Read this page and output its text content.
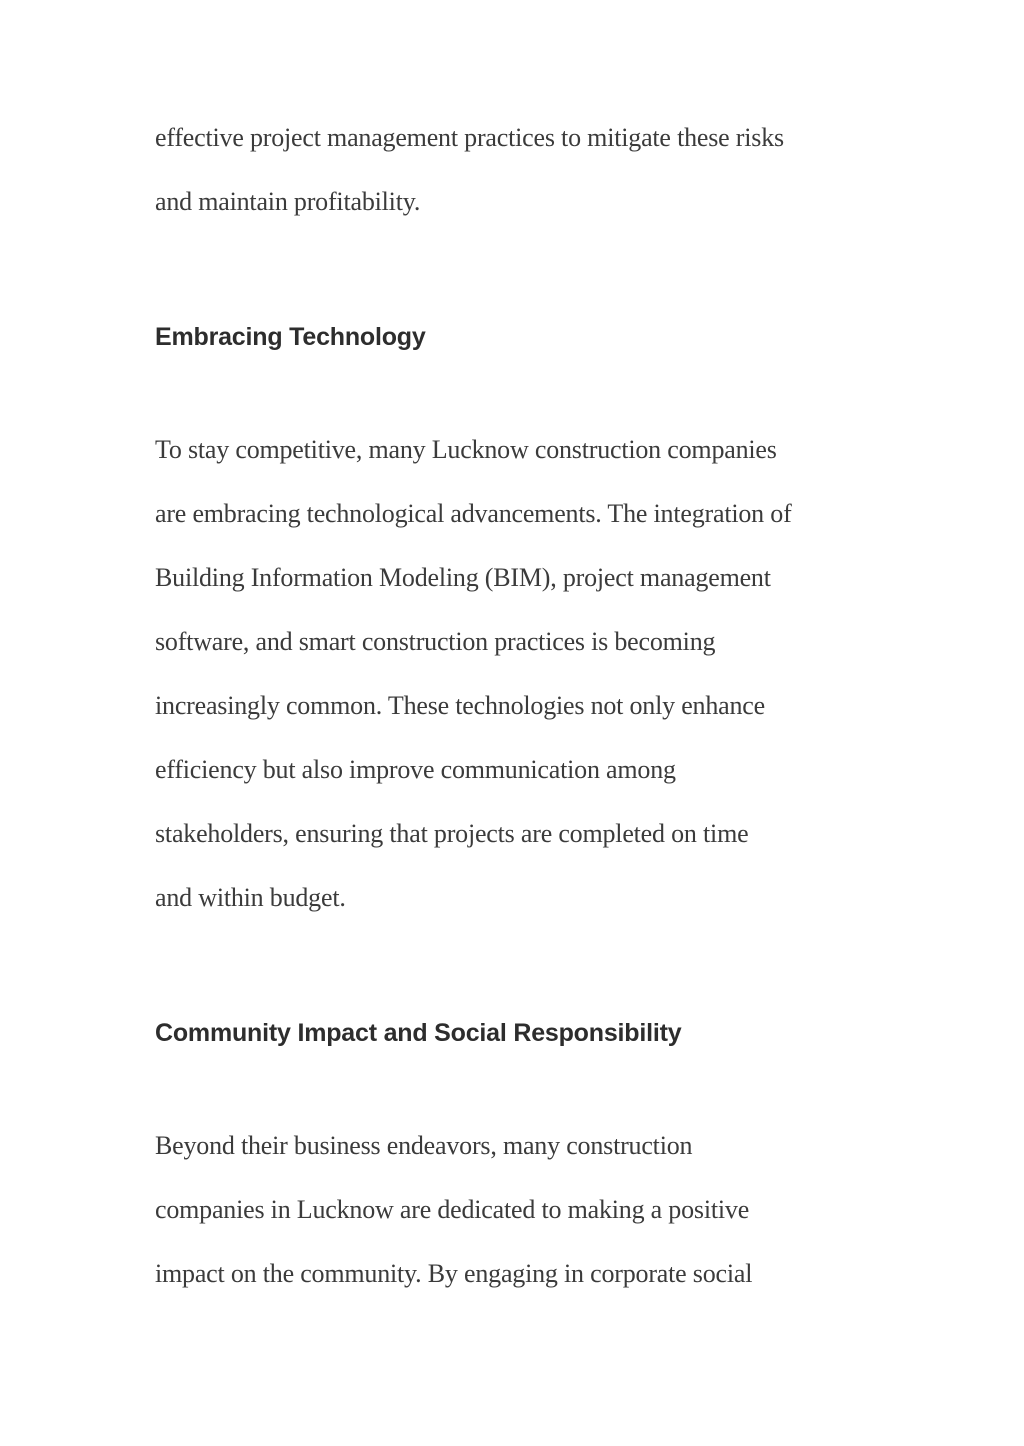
effective project management practices to mitigate these risks
and maintain profitability.

Embracing Technology

To stay competitive, many Lucknow construction companies
are embracing technological advancements. The integration of
Building Information Modeling (BIM), project management
software, and smart construction practices is becoming
increasingly common. These technologies not only enhance
efficiency but also improve communication among
stakeholders, ensuring that projects are completed on time
and within budget.

Community Impact and Social Responsibility

Beyond their business endeavors, many construction
companies in Lucknow are dedicated to making a positive
impact on the community. By engaging in corporate social
